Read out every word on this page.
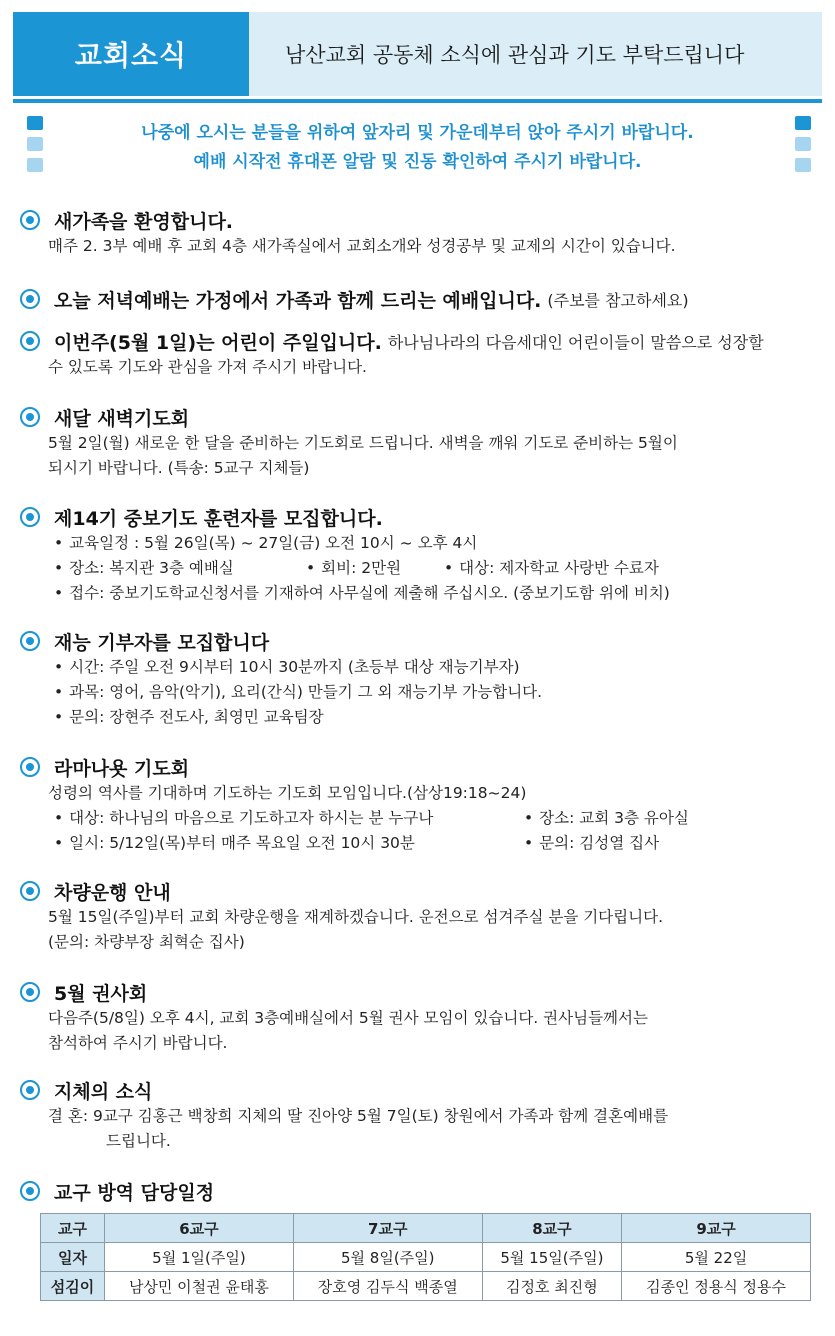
교회소식	남산교회 공동체 소식에 관심과 기도 부탁드립니다
나중에 오시는 분들을 위하여 앞자리 및 가운데부터 앉아 주시기 바랍니다.
예배 시작전 휴대폰 알람 및 진동 확인하여 주시기 바랍니다.
새가족을 환영합니다.
매주 2. 3부 예배 후 교회 4층 새가족실에서 교회소개와 성경공부 및 교제의 시간이 있습니다.
오늘 저녁예배는 가정에서 가족과 함께 드리는 예배입니다. (주보를 참고하세요)
이번주(5월 1일)는 어린이 주일입니다. 하나님나라의 다음세대인 어린이들이 말씀으로 성장할
수 있도록 기도와 관심을 가져 주시기 바랍니다.
새달 새벽기도회
5월 2일(월) 새로운 한 달을 준비하는 기도회로 드립니다. 새벽을 깨워 기도로 준비하는 5월이
되시기 바랍니다. (특송: 5교구 지체들)
제14기 중보기도 훈련자를 모집합니다.
• 교육일정 : 5월 26일(목) ~ 27일(금) 오전 10시 ~ 오후 4시
• 장소: 복지관 3층 예배실	• 회비: 2만원	• 대상: 제자학교 사랑반 수료자
• 접수: 중보기도학교신청서를 기재하여 사무실에 제출해 주십시오. (중보기도함 위에 비치)
재능 기부자를 모집합니다
• 시간: 주일 오전 9시부터 10시 30분까지 (초등부 대상 재능기부자)
• 과목: 영어, 음악(악기), 요리(간식) 만들기 그 외 재능기부 가능합니다.
• 문의: 장현주 전도사, 최영민 교육팀장
라마나욧 기도회
성령의 역사를 기대하며 기도하는 기도회 모임입니다.(삼상19:18~24)
• 대상: 하나님의 마음으로 기도하고자 하시는 분 누구나	• 장소: 교회 3층 유아실
• 일시: 5/12일(목)부터 매주 목요일 오전 10시 30분	• 문의: 김성열 집사
차량운행 안내
5월 15일(주일)부터 교회 차량운행을 재계하겠습니다. 운전으로 섬겨주실 분을 기다립니다.
(문의: 차량부장 최혁순 집사)
5월 권사회
다음주(5/8일) 오후 4시, 교회 3층예배실에서 5월 권사 모임이 있습니다. 권사님들께서는
참석하여 주시기 바랍니다.
지체의 소식
결 혼: 9교구 김홍근 백창희 지체의 딸 진아양 5월 7일(토) 창원에서 가족과 함께 결혼예배를
드립니다.
교구 방역 담당일정
교구	6교구	7교구	8교구	9교구
일자	5월 1일(주일)	5월 8일(주일)	5월 15일(주일)	5월 22일
섬김이	남상민 이철권 윤태홍	장호영 김두식 백종열	김정호 최진형	김종인 정용식 정용수
